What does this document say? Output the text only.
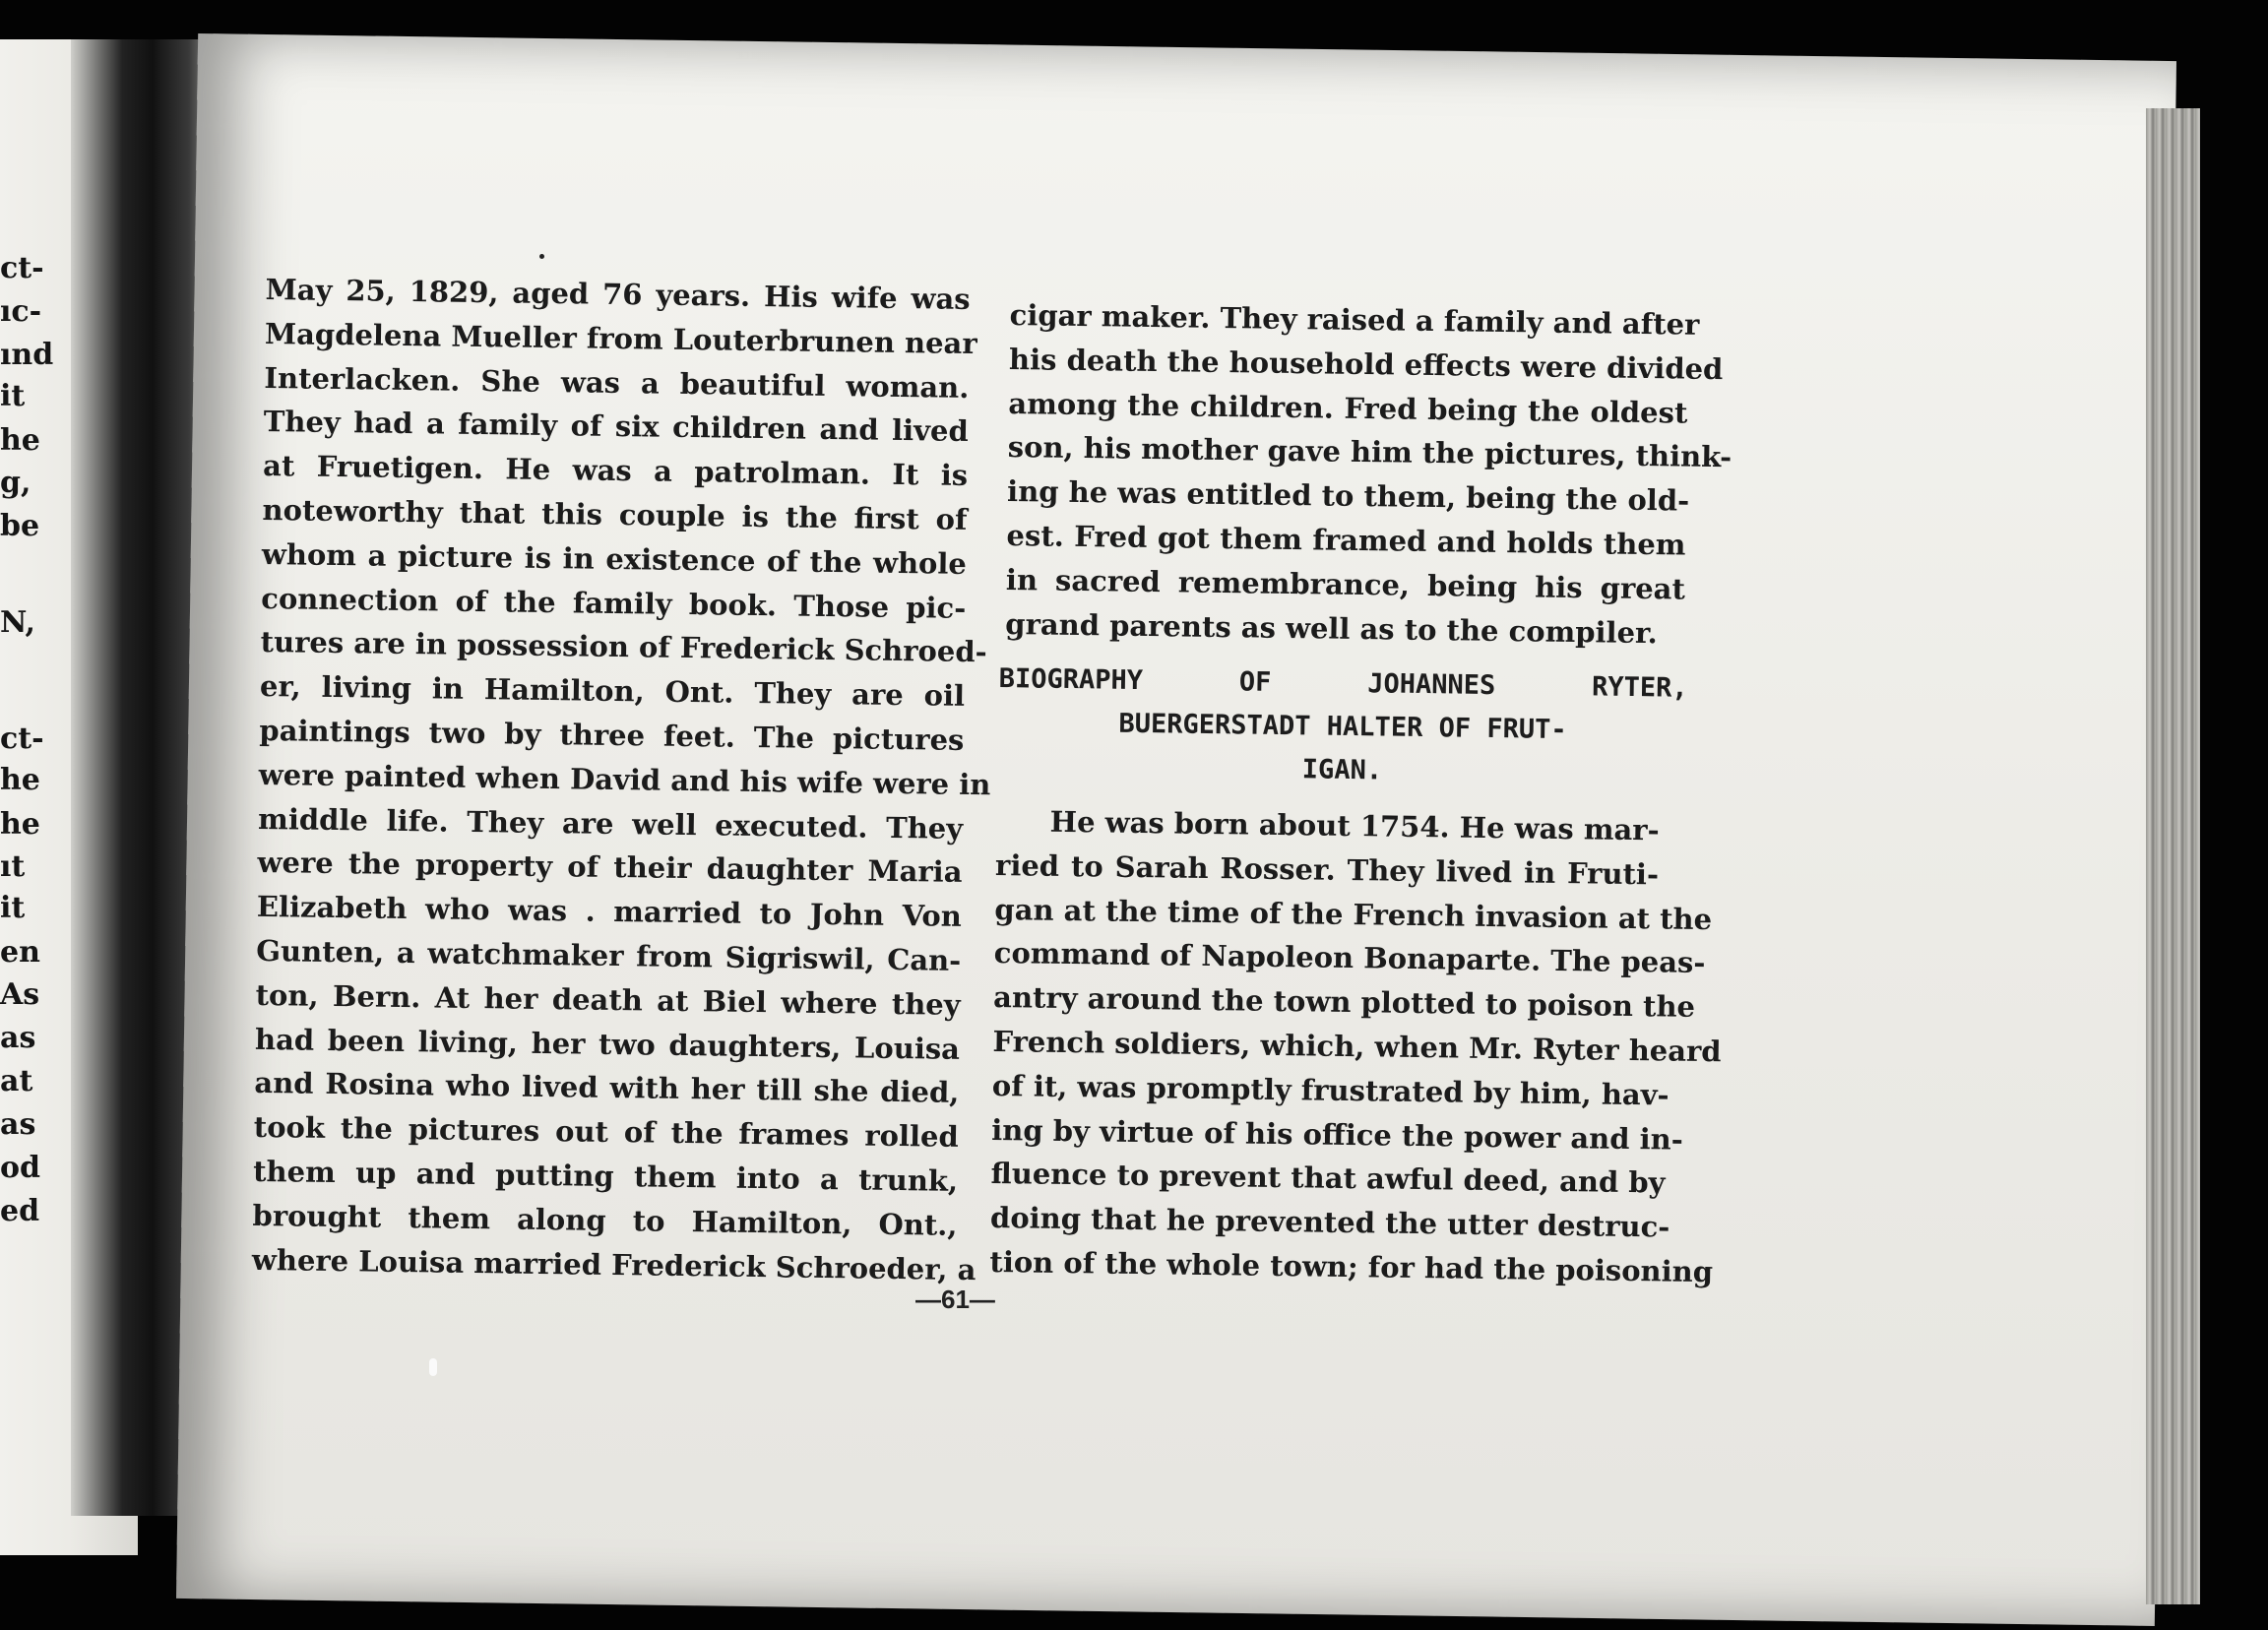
ct-
ıc-
ınd
it
he
g,
be
N,
ct-
he
he
ıt
it
en
As
as
at
as
od
ed

May 25, 1829, aged 76 years. His wife was

Magdelena Mueller from Louterbrunen near

Interlacken. She was a beautiful woman.

They had a family of six children and lived

at Fruetigen. He was a patrolman. It is

noteworthy that this couple is the first of

whom a picture is in existence of the whole

connection of the family book. Those pic-

tures are in possession of Frederick Schroed-

er, living in Hamilton, Ont. They are oil

paintings two by three feet. The pictures

were painted when David and his wife were in

middle life. They are well executed. They

were the property of their daughter Maria

Elizabeth who was . married to John Von

Gunten, a watchmaker from Sigriswil, Can-

ton, Bern. At her death at Biel where they

had been living, her two daughters, Louisa

and Rosina who lived with her till she died,

took the pictures out of the frames rolled

them up and putting them into a trunk,

brought them along to Hamilton, Ont.,

where Louisa married Frederick Schroeder, a

cigar maker. They raised a family and after

his death the household effects were divided

among the children. Fred being the oldest

son, his mother gave him the pictures, think-

ing he was entitled to them, being the old-

est. Fred got them framed and holds them

in sacred remembrance, being his great

grand parents as well as to the compiler.

BIOGRAPHY OF JOHANNES RYTER,
BUERGERSTADT HALTER OF FRUT-
IGAN.

He was born about 1754. He was mar-

ried to Sarah Rosser. They lived in Fruti-

gan at the time of the French invasion at the

command of Napoleon Bonaparte. The peas-

antry around the town plotted to poison the

French soldiers, which, when Mr. Ryter heard

of it, was promptly frustrated by him, hav-

ing by virtue of his office the power and in-

fluence to prevent that awful deed, and by

doing that he prevented the utter destruc-

tion of the whole town; for had the poisoning

—61—
